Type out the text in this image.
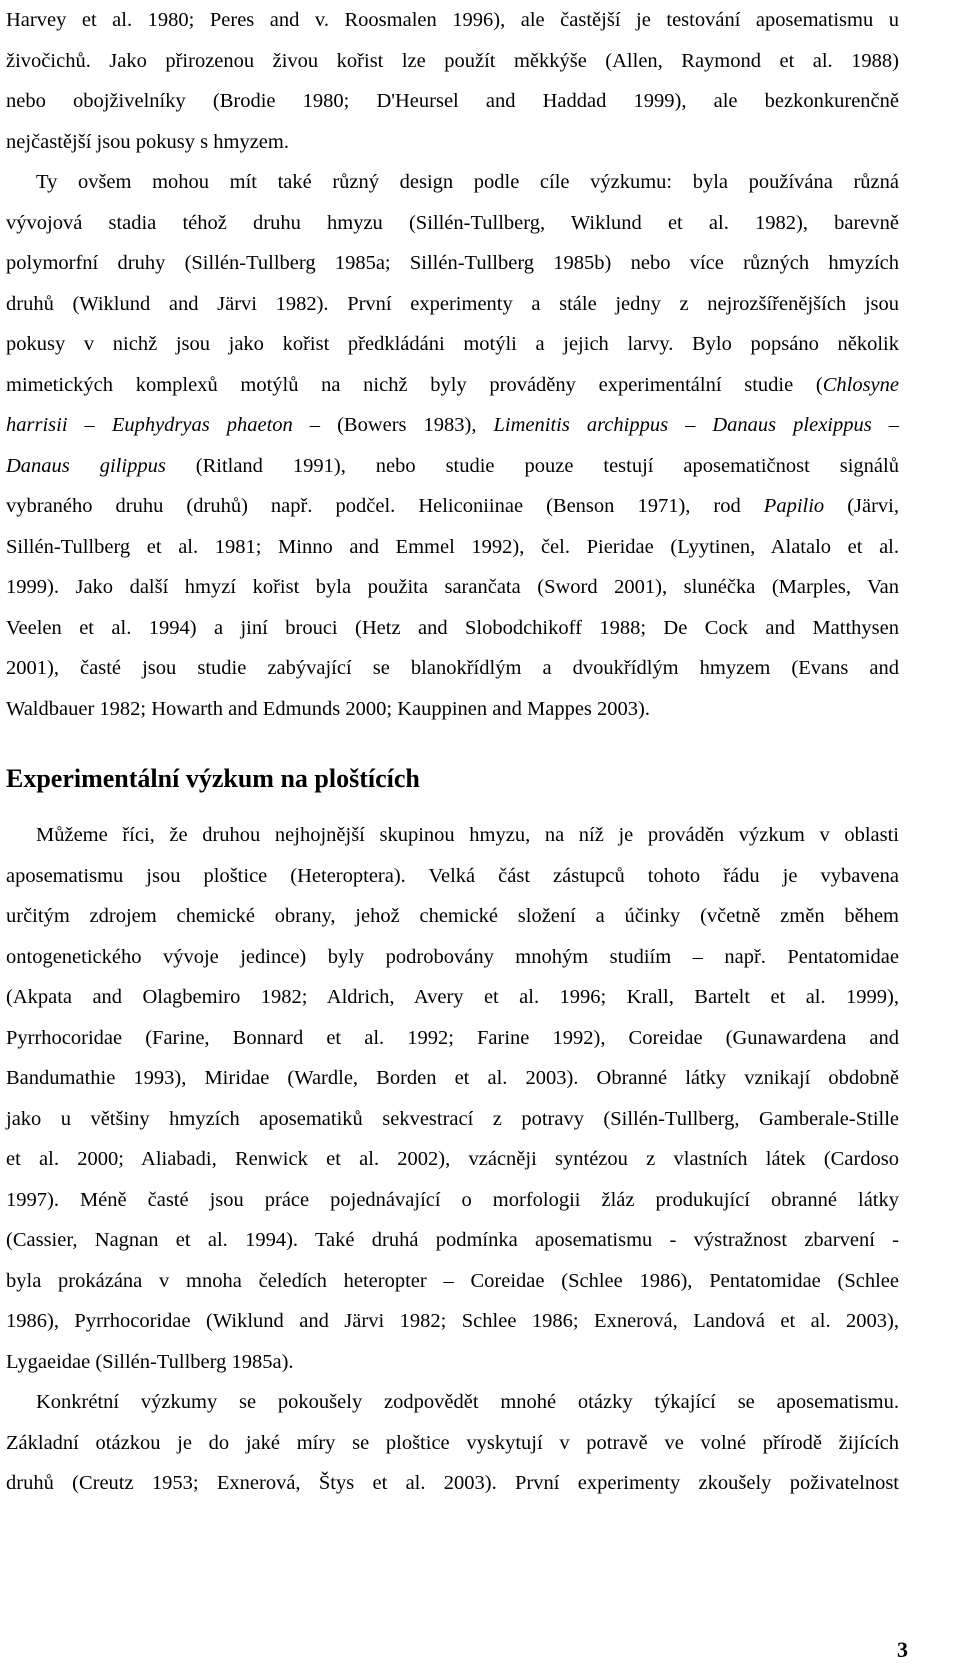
Harvey et al. 1980; Peres and v. Roosmalen 1996), ale častější je testování aposematismu u
živočichů. Jako přirozenou živou kořist lze použít měkkýše (Allen, Raymond et al. 1988)
nebo obojživelníky (Brodie 1980; D'Heursel and Haddad 1999), ale bezkonkurenčně
nejčastější jsou pokusy s hmyzem.
Ty ovšem mohou mít také různý design podle cíle výzkumu: byla používána různá
vývojová stadia téhož druhu hmyzu (Sillén-Tullberg, Wiklund et al. 1982), barevně
polymorfní druhy (Sillén-Tullberg 1985a; Sillén-Tullberg 1985b) nebo více různých hmyzích
druhů (Wiklund and Järvi 1982). První experimenty a stále jedny z nejrozšířenějších jsou
pokusy v nichž jsou jako kořist předkládáni motýli a jejich larvy. Bylo popsáno několik
mimetických komplexů motýlů na nichž byly prováděny experimentální studie (Chlosyne
harrisii – Euphydryas phaeton – (Bowers 1983), Limenitis archippus – Danaus plexippus –
Danaus gilippus (Ritland 1991), nebo studie pouze testují aposematičnost signálů
vybraného druhu (druhů) např. podčel. Heliconiinae (Benson 1971), rod Papilio (Järvi,
Sillén-Tullberg et al. 1981; Minno and Emmel 1992), čel. Pieridae (Lyytinen, Alatalo et al.
1999). Jako další hmyzí kořist byla použita sarančata (Sword 2001), slunéčka (Marples, Van
Veelen et al. 1994) a jiní brouci (Hetz and Slobodchikoff 1988; De Cock and Matthysen
2001), časté jsou studie zabývající se blanokřídlým a dvoukřídlým hmyzem (Evans and
Waldbauer 1982; Howarth and Edmunds 2000; Kauppinen and Mappes 2003).
Experimentální výzkum na ploštících
Můžeme říci, že druhou nejhojnější skupinou hmyzu, na níž je prováděn výzkum v oblasti
aposematismu jsou ploštice (Heteroptera). Velká část zástupců tohoto řádu je vybavena
určitým zdrojem chemické obrany, jehož chemické složení a účinky (včetně změn během
ontogenetického vývoje jedince) byly podrobovány mnohým studiím – např. Pentatomidae
(Akpata and Olagbemiro 1982; Aldrich, Avery et al. 1996; Krall, Bartelt et al. 1999),
Pyrrhocoridae (Farine, Bonnard et al. 1992; Farine 1992), Coreidae (Gunawardena and
Bandumathie 1993), Miridae (Wardle, Borden et al. 2003). Obranné látky vznikají obdobně
jako u většiny hmyzích aposematiků sekvestrací z potravy (Sillén-Tullberg, Gamberale-Stille
et al. 2000; Aliabadi, Renwick et al. 2002), vzácněji syntézou z vlastních látek (Cardoso
1997). Méně časté jsou práce pojednávající o morfologii žláz produkující obranné látky
(Cassier, Nagnan et al. 1994). Také druhá podmínka aposematismu - výstražnost zbarvení -
byla prokázána v mnoha čeledích heteropter – Coreidae (Schlee 1986), Pentatomidae (Schlee
1986), Pyrrhocoridae (Wiklund and Järvi 1982; Schlee 1986; Exnerová, Landová et al. 2003),
Lygaeidae (Sillén-Tullberg 1985a).
Konkrétní výzkumy se pokoušely zodpovědět mnohé otázky týkající se aposematismu.
Základní otázkou je do jaké míry se ploštice vyskytují v potravě ve volné přírodě žijících
druhů (Creutz 1953; Exnerová, Štys et al. 2003). První experimenty zkoušely poživatelnost
3
